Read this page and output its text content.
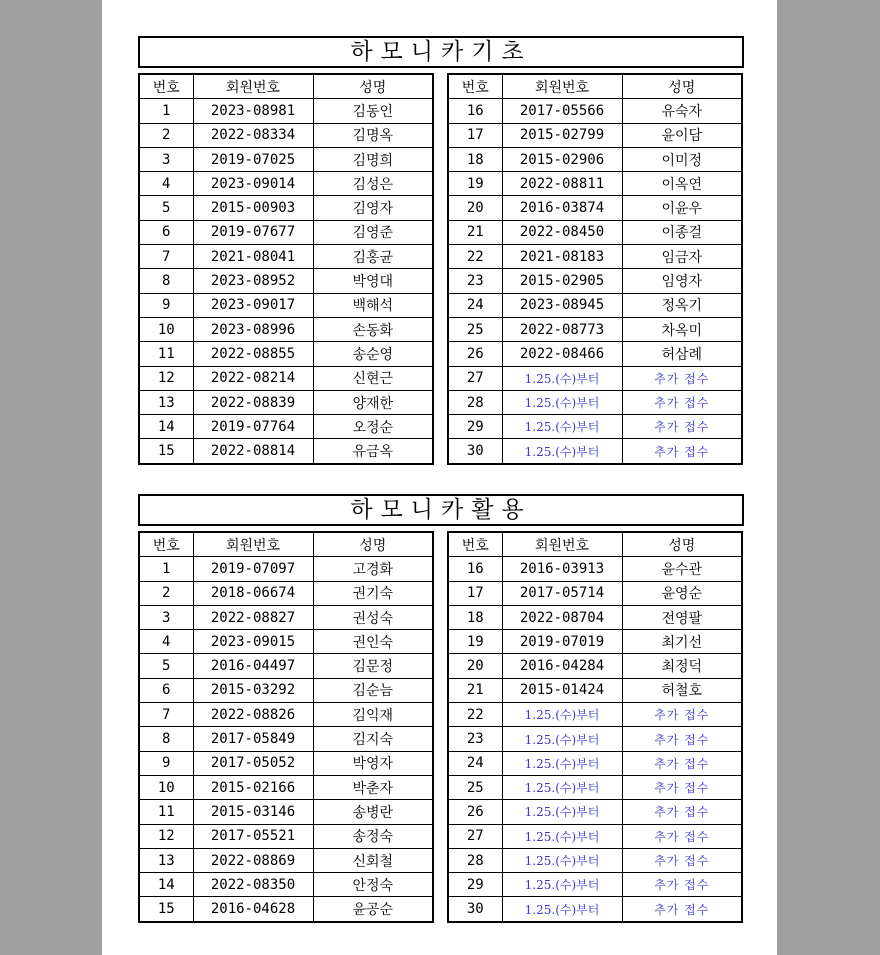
하모니카기초
번호	회원번호	성명
1	2023-08981	김동인
2	2022-08334	김명옥
3	2019-07025	김명희
4	2023-09014	김성은
5	2015-00903	김영자
6	2019-07677	김영준
7	2021-08041	김홍균
8	2023-08952	박영대
9	2023-09017	백해석
10	2023-08996	손동화
11	2022-08855	송순영
12	2022-08214	신현근
13	2022-08839	양재한
14	2019-07764	오정순
15	2022-08814	유금옥
번호	회원번호	성명
16	2017-05566	유숙자
17	2015-02799	윤이담
18	2015-02906	이미정
19	2022-08811	이옥연
20	2016-03874	이윤우
21	2022-08450	이종걸
22	2021-08183	임금자
23	2015-02905	임영자
24	2023-08945	정옥기
25	2022-08773	차옥미
26	2022-08466	허삼례
27	1.25.(수)부터	추가 접수
28	1.25.(수)부터	추가 접수
29	1.25.(수)부터	추가 접수
30	1.25.(수)부터	추가 접수
하모니카활용
번호	회원번호	성명
1	2019-07097	고경화
2	2018-06674	권기숙
3	2022-08827	권성숙
4	2023-09015	권인숙
5	2016-04497	김문정
6	2015-03292	김순늠
7	2022-08826	김익재
8	2017-05849	김지숙
9	2017-05052	박영자
10	2015-02166	박춘자
11	2015-03146	송병란
12	2017-05521	송정숙
13	2022-08869	신회철
14	2022-08350	안정숙
15	2016-04628	윤공순
번호	회원번호	성명
16	2016-03913	윤수관
17	2017-05714	윤영순
18	2022-08704	전영팔
19	2019-07019	최기선
20	2016-04284	최정덕
21	2015-01424	허철호
22	1.25.(수)부터	추가 접수
23	1.25.(수)부터	추가 접수
24	1.25.(수)부터	추가 접수
25	1.25.(수)부터	추가 접수
26	1.25.(수)부터	추가 접수
27	1.25.(수)부터	추가 접수
28	1.25.(수)부터	추가 접수
29	1.25.(수)부터	추가 접수
30	1.25.(수)부터	추가 접수
